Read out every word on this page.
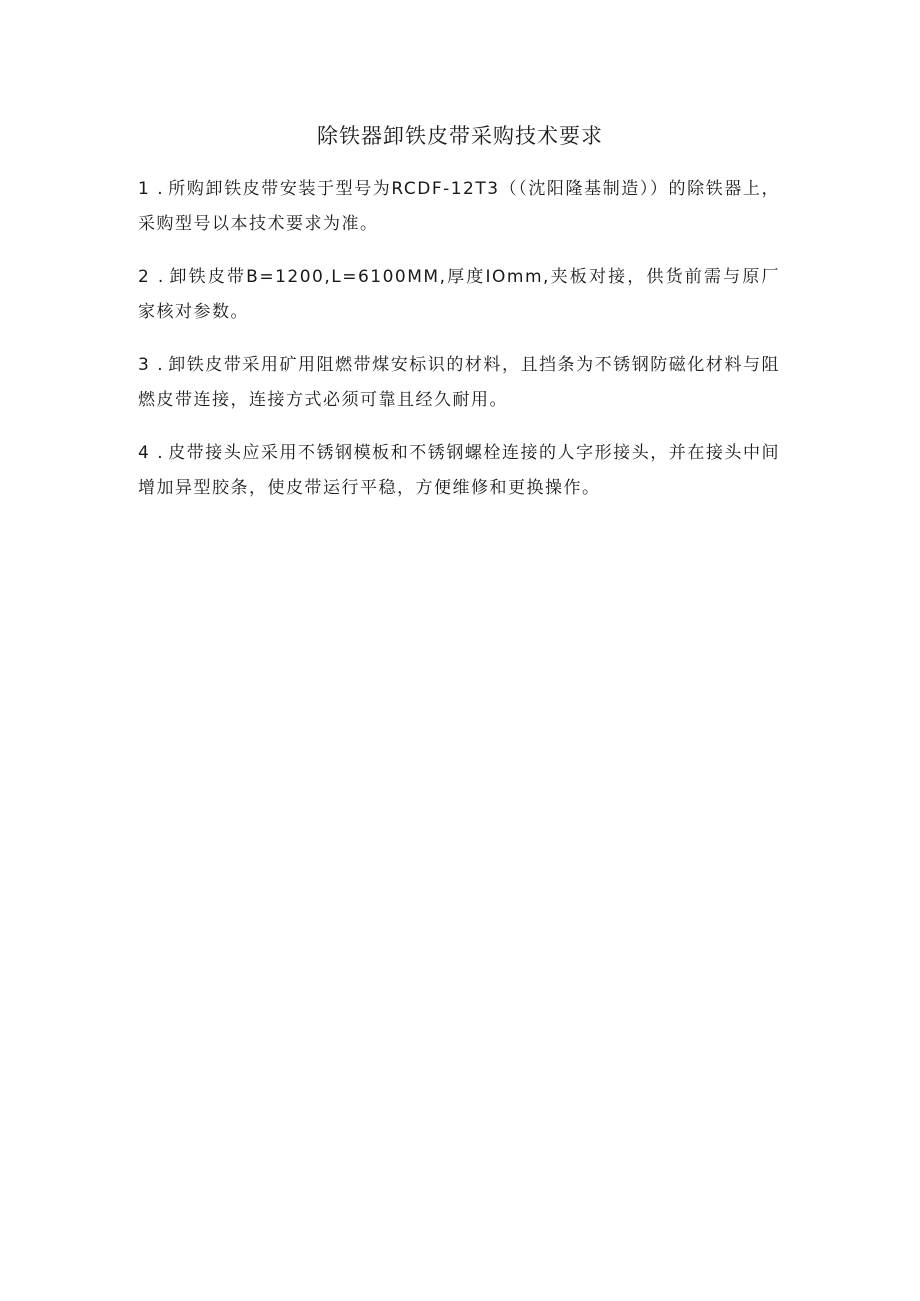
除铁器卸铁皮带采购技术要求

1 . 所购卸铁皮带安装于型号为RCDF-12T3（（沈阳隆基制造））的除铁器上，采购型号以本技术要求为准。

2 . 卸铁皮带B=1200,L=6100MM,厚度IOmm,夹板对接，供货前需与原厂家核对参数。

3 . 卸铁皮带采用矿用阻燃带煤安标识的材料，且挡条为不锈钢防磁化材料与阻燃皮带连接，连接方式必须可靠且经久耐用。

4 . 皮带接头应采用不锈钢模板和不锈钢螺栓连接的人字形接头，并在接头中间增加异型胶条，使皮带运行平稳，方便维修和更换操作。
